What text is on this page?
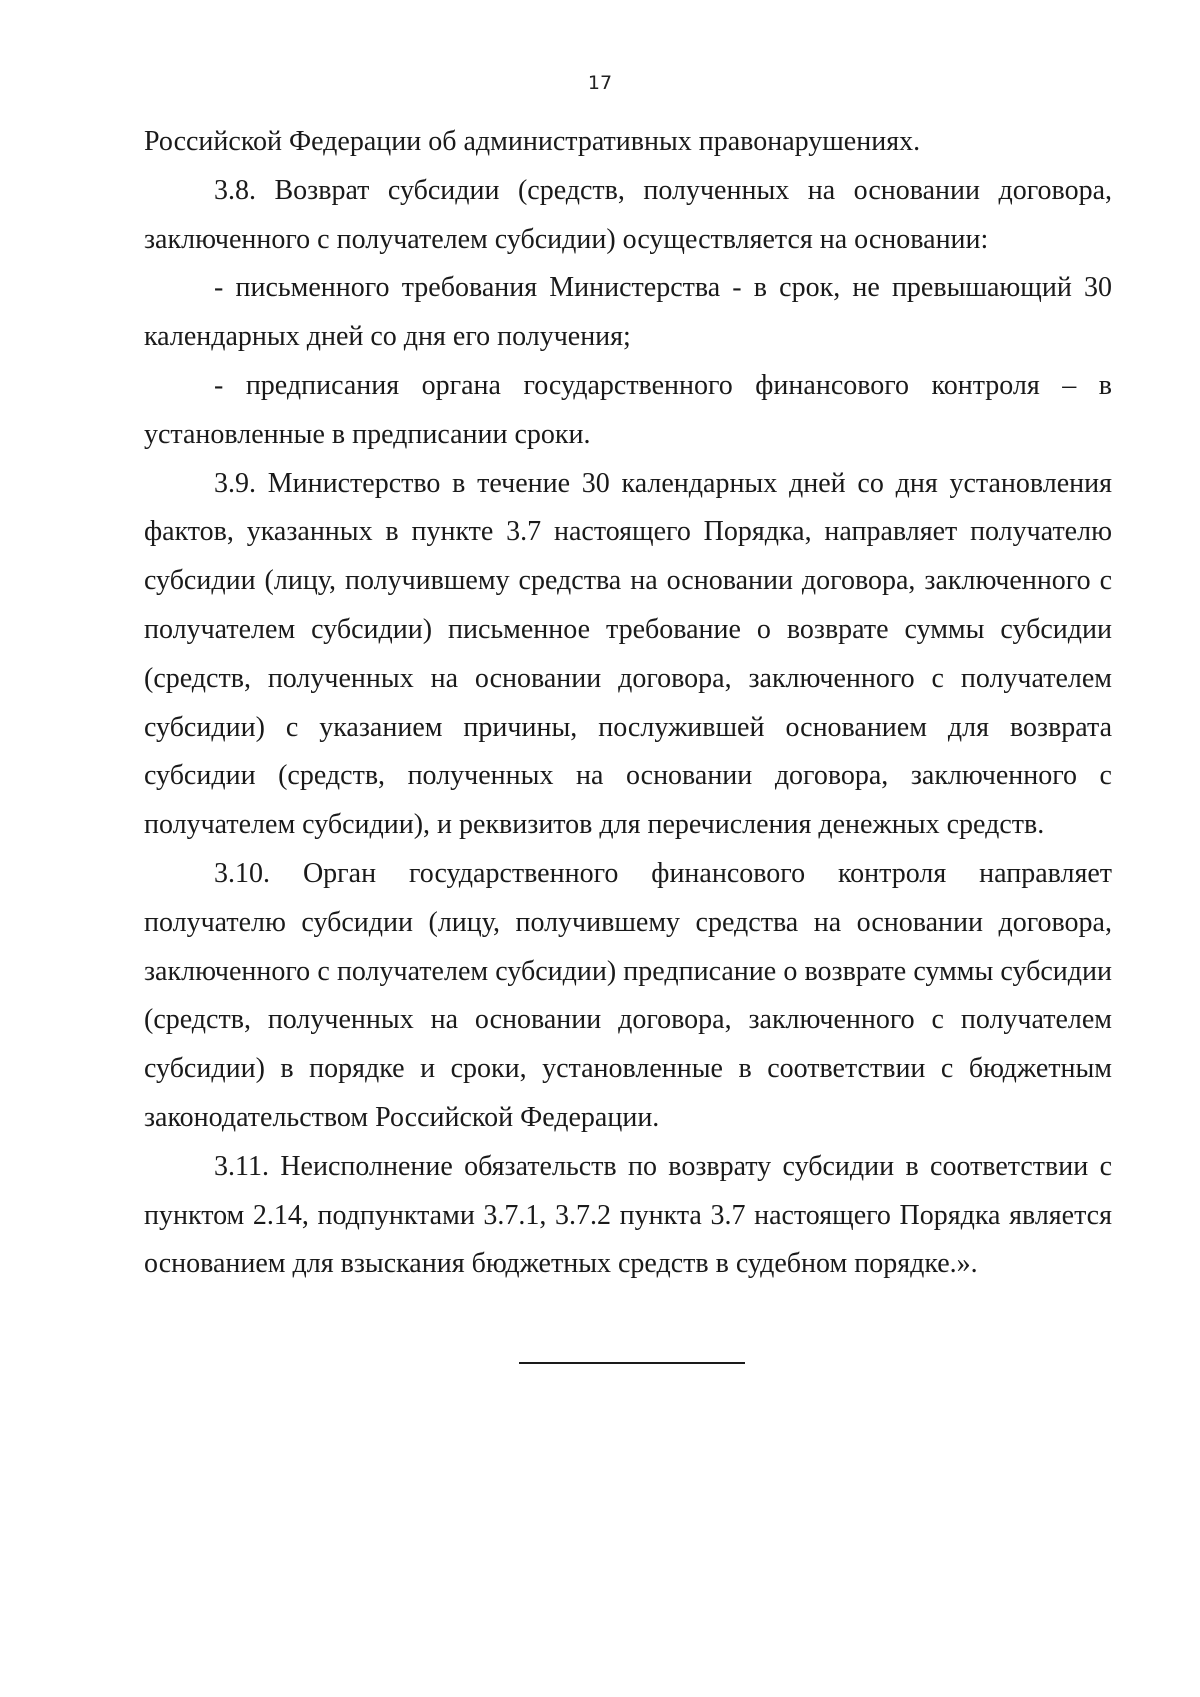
17

Российской Федерации об административных правонарушениях.

3.8. Возврат субсидии (средств, полученных на основании договора, заключенного с получателем субсидии) осуществляется на основании:

- письменного требования Министерства - в срок, не превышающий 30 календарных дней со дня его получения;

- предписания органа государственного финансового контроля – в установленные в предписании сроки.

3.9. Министерство в течение 30 календарных дней со дня установления фактов, указанных в пункте 3.7 настоящего Порядка, направляет получателю субсидии (лицу, получившему средства на основании договора, заключенного с получателем субсидии) письменное требование о возврате суммы субсидии (средств, полученных на основании договора, заключенного с получателем субсидии) с указанием причины, послужившей основанием для возврата субсидии (средств, полученных на основании договора, заключенного с получателем субсидии), и реквизитов для перечисления денежных средств.

3.10. Орган государственного финансового контроля направляет получателю субсидии (лицу, получившему средства на основании договора, заключенного с получателем субсидии) предписание о возврате суммы субсидии (средств, полученных на основании договора, заключенного с получателем субсидии) в порядке и сроки, установленные в соответствии с бюджетным законодательством Российской Федерации.

3.11. Неисполнение обязательств по возврату субсидии в соответствии с пунктом 2.14, подпунктами 3.7.1, 3.7.2 пункта 3.7 настоящего Порядка является основанием для взыскания бюджетных средств в судебном порядке.».
